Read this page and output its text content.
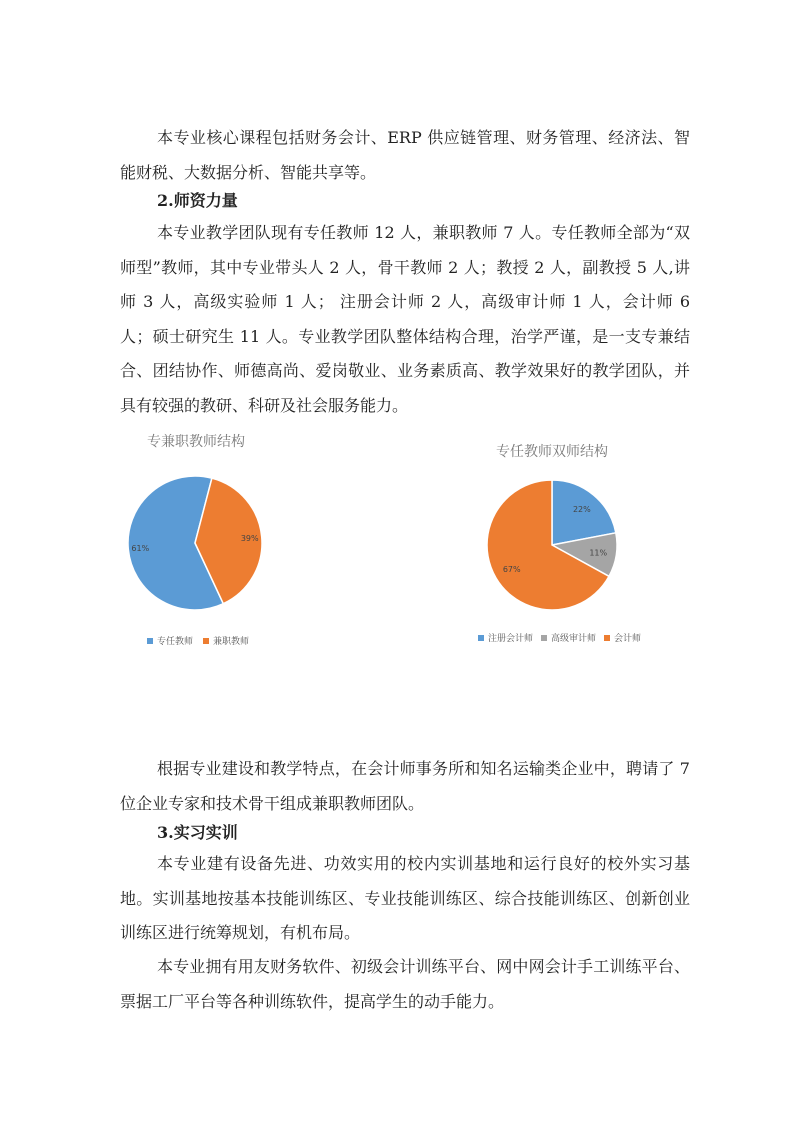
本专业核心课程包括财务会计、ERP 供应链管理、财务管理、经济法、智能财税、大数据分析、智能共享等。

2.师资力量

本专业教学团队现有专任教师 12 人，兼职教师 7 人。专任教师全部为“双师型”教师，其中专业带头人 2 人，骨干教师 2 人；教授 2 人，副教授 5 人,讲师 3 人，高级实验师 1 人； 注册会计师 2 人，高级审计师 1 人，会计师 6 人；硕士研究生 11 人。专业教学团队整体结构合理，治学严谨，是一支专兼结合、团结协作、师德高尚、爱岗敬业、业务素质高、教学效果好的教学团队，并具有较强的教研、科研及社会服务能力。

专兼职教师结构

61%
39%
专任教师 兼职教师

专任教师双师结构

22%
11%
67%
注册会计师 高级审计师 会计师

根据专业建设和教学特点，在会计师事务所和知名运输类企业中，聘请了 7 位企业专家和技术骨干组成兼职教师团队。

3.实习实训

本专业建有设备先进、功效实用的校内实训基地和运行良好的校外实习基地。实训基地按基本技能训练区、专业技能训练区、综合技能训练区、创新创业训练区进行统筹规划，有机布局。

本专业拥有用友财务软件、初级会计训练平台、网中网会计手工训练平台、票据工厂平台等各种训练软件，提高学生的动手能力。
